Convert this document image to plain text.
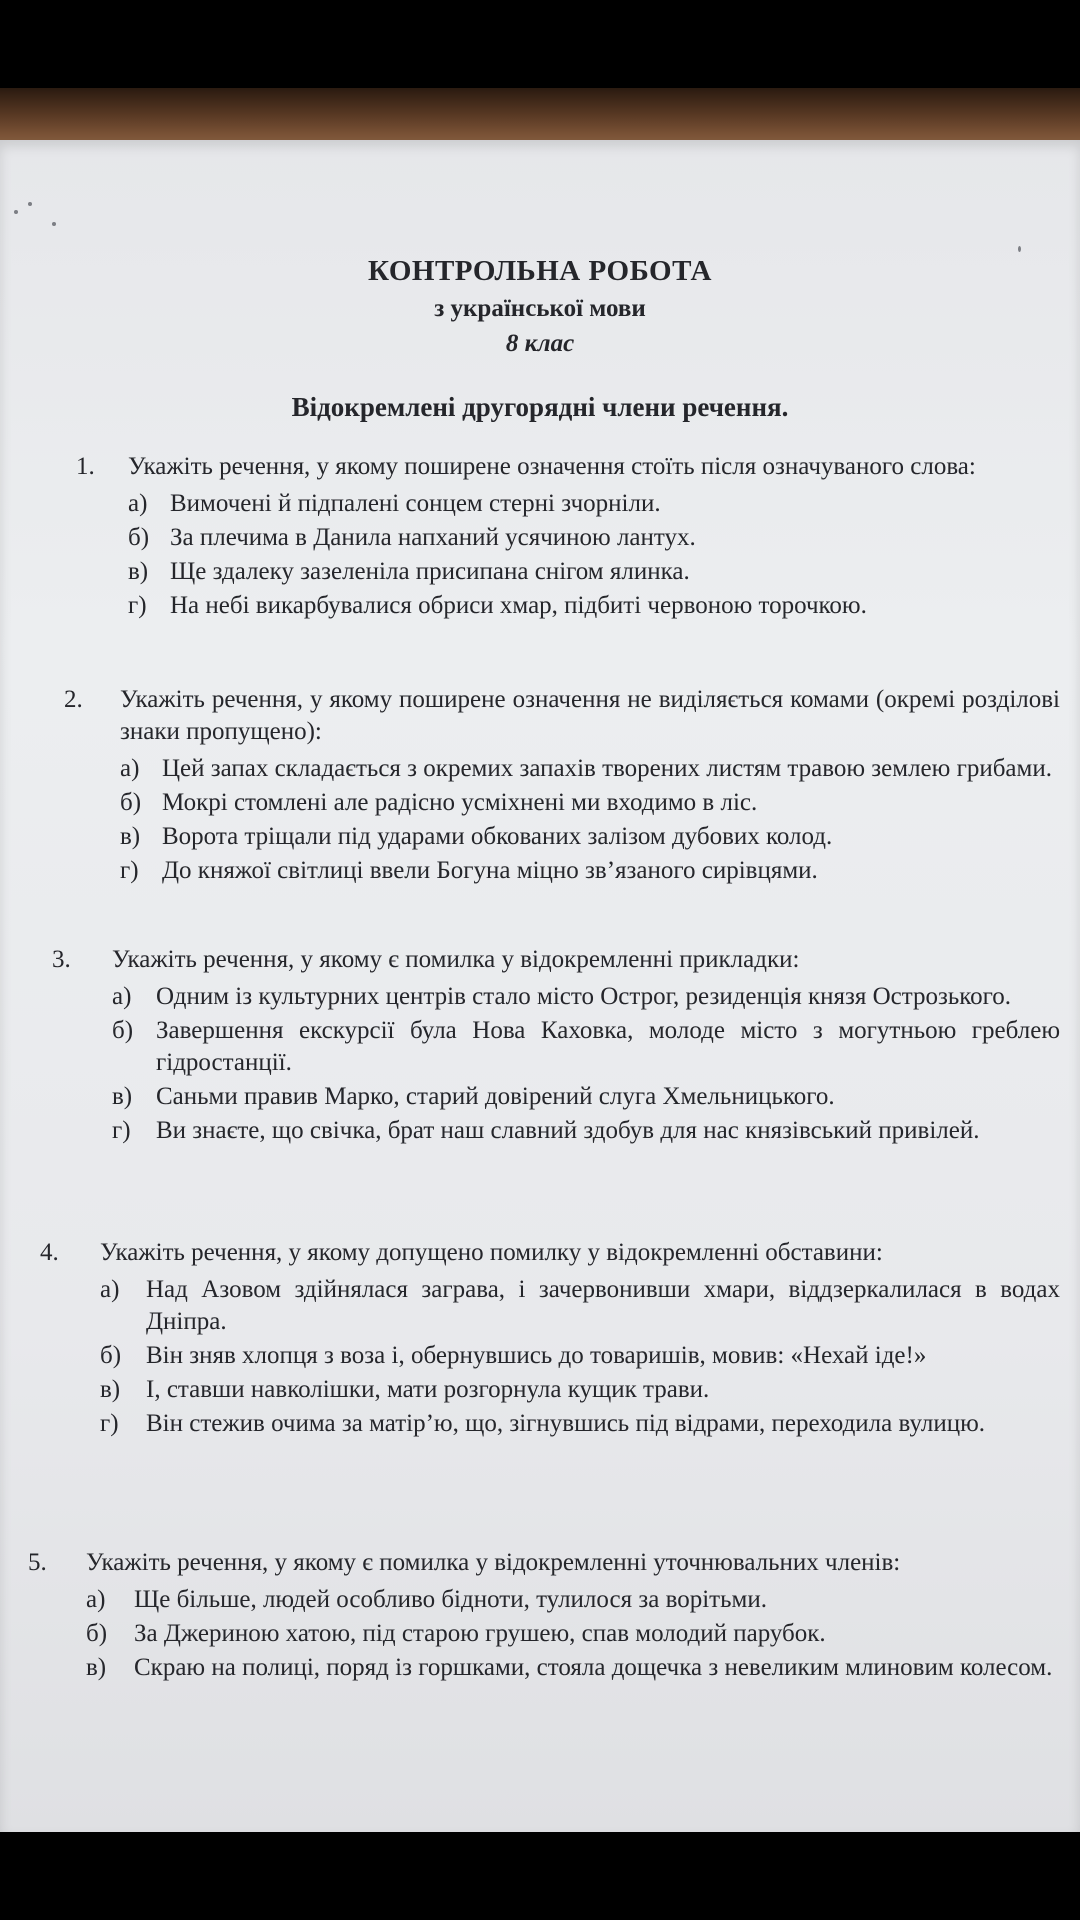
КОНТРОЛЬНА РОБОТА
з української мови
8 клас
Відокремлені другорядні члени речення.
1. Укажіть речення, у якому поширене означення стоїть після означуваного слова:

а) Вимочені й підпалені сонцем стерні зчорніли.
б) За плечима в Данила напханий усячиною лантух.
в) Ще здалеку зазеленіла присипана снігом ялинка.
г) На небі викарбувалися обриси хмар, підбиті червоною торочкою.
2. Укажіть речення, у якому поширене означення не виділяється комами (окремі розділові знаки пропущено):

а) Цей запах складається з окремих запахів творених листям травою землею грибами.
б) Мокрі стомлені але радісно усміхнені ми входимо в ліс.
в) Ворота тріщали під ударами обкованих залізом дубових колод.
г) До княжої світлиці ввели Богуна міцно зв’язаного сирівцями.
3. Укажіть речення, у якому є помилка у відокремленні прикладки:

а) Одним із культурних центрів стало місто Острог, резиденція князя Острозького.
б) Завершення екскурсії була Нова Каховка, молоде місто з могутньою греблею гідростанції.
в) Саньми правив Марко, старий довірений слуга Хмельницького.
г) Ви знаєте, що свічка, брат наш славний здобув для нас князівський привілей.
4. Укажіть речення, у якому допущено помилку у відокремленні обставини:

а) Над Азовом здійнялася заграва, і зачервонивши хмари, віддзеркалилася в водах Дніпра.
б) Він зняв хлопця з воза і, обернувшись до товаришів, мовив: «Нехай іде!»
в) І, ставши навколішки, мати розгорнула кущик трави.
г) Він стежив очима за матір’ю, що, зігнувшись під відрами, переходила вулицю.
5. Укажіть речення, у якому є помилка у відокремленні уточнювальних членів:

а) Ще більше, людей особливо бідноти, тулилося за ворітьми.
б) За Джериною хатою, під старою грушею, спав молодий парубок.
в) Скраю на полиці, поряд із горшками, стояла дощечка з невеликим млиновим колесом.
